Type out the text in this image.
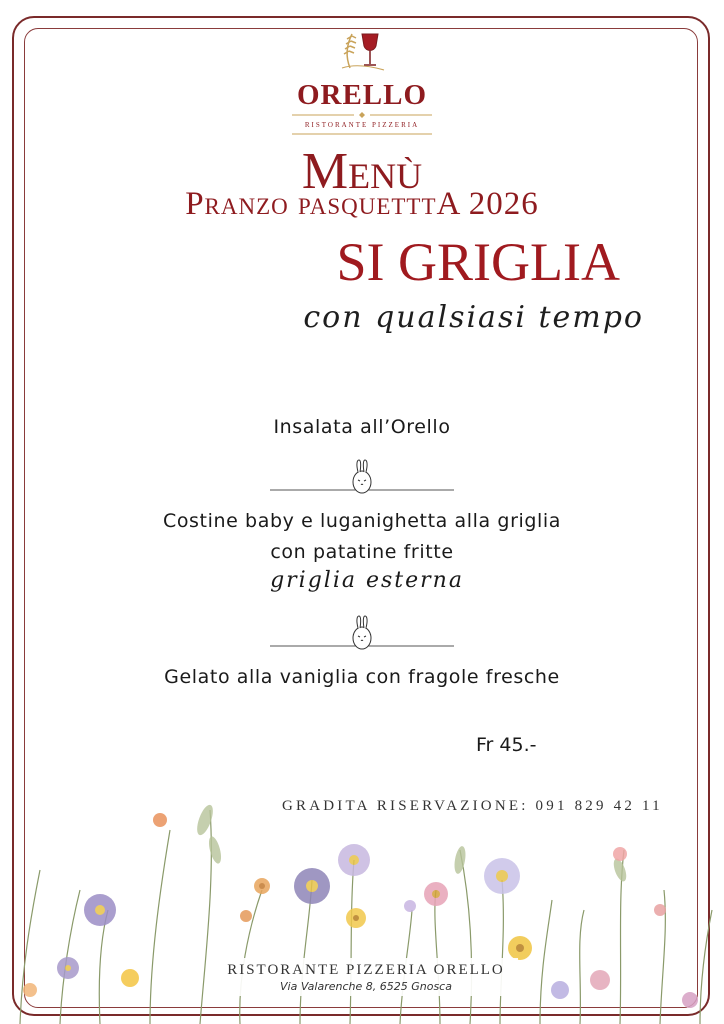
ORELLO
RISTORANTE PIZZERIA
Menù
Pranzo pasquetttA 2026
SI GRIGLIA
con qualsiasi tempo
Insalata all’Orello
Costine baby e luganighetta alla griglia
con patatine fritte
griglia esterna
Gelato alla vaniglia con fragole fresche
Fr 45.-
GRADITA RISERVAZIONE: 091 829 42 11
RISTORANTE PIZZERIA ORELLO
Via Valarenche 8, 6525 Gnosca
